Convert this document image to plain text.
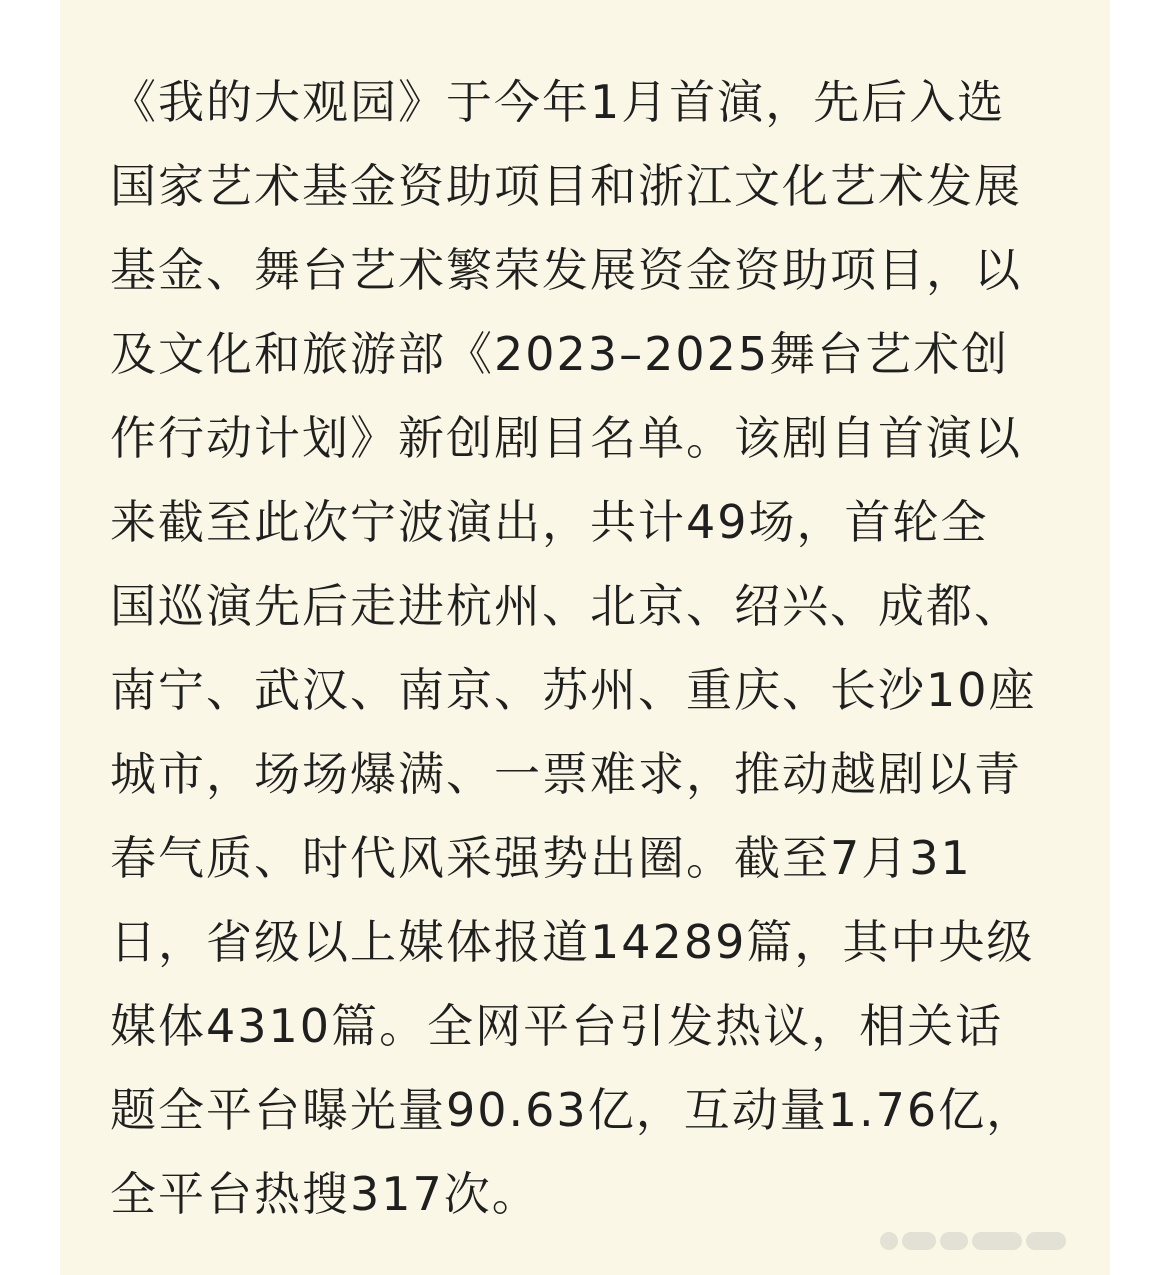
《我的大观园》于今年1月首演，先后入选
国家艺术基金资助项目和浙江文化艺术发展
基金、舞台艺术繁荣发展资金资助项目，以
及文化和旅游部《2023–2025舞台艺术创
作行动计划》新创剧目名单。该剧自首演以
来截至此次宁波演出，共计49场，首轮全
国巡演先后走进杭州、北京、绍兴、成都、
南宁、武汉、南京、苏州、重庆、长沙10座
城市，场场爆满、一票难求，推动越剧以青
春气质、时代风采强势出圈。截至7月31
日，省级以上媒体报道14289篇，其中央级
媒体4310篇。全网平台引发热议，相关话
题全平台曝光量90.63亿，互动量1.76亿，
全平台热搜317次。
